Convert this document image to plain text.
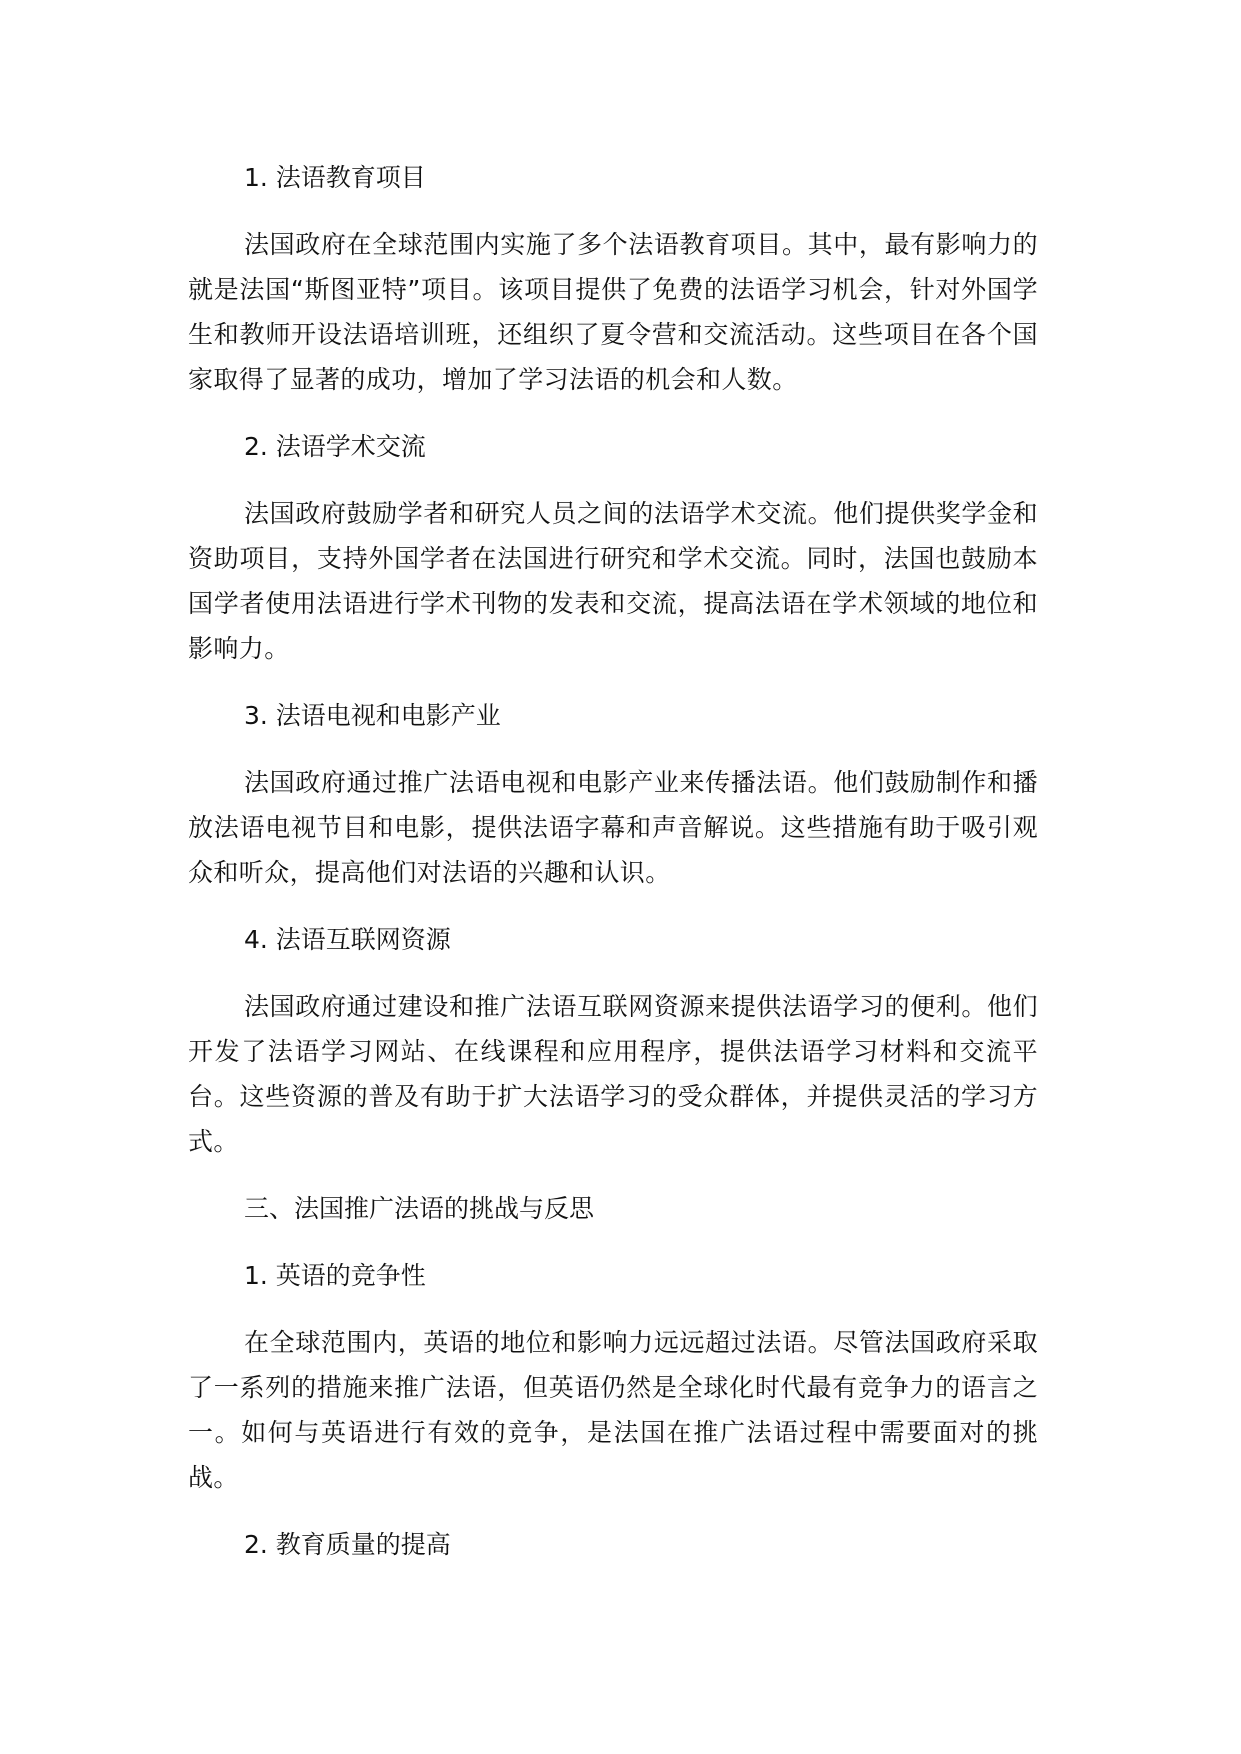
1. 法语教育项目

法国政府在全球范围内实施了多个法语教育项目。其中，最有影响力的就是法国“斯图亚特”项目。该项目提供了免费的法语学习机会，针对外国学生和教师开设法语培训班，还组织了夏令营和交流活动。这些项目在各个国家取得了显著的成功，增加了学习法语的机会和人数。

2. 法语学术交流

法国政府鼓励学者和研究人员之间的法语学术交流。他们提供奖学金和资助项目，支持外国学者在法国进行研究和学术交流。同时，法国也鼓励本国学者使用法语进行学术刊物的发表和交流，提高法语在学术领域的地位和影响力。

3. 法语电视和电影产业

法国政府通过推广法语电视和电影产业来传播法语。他们鼓励制作和播放法语电视节目和电影，提供法语字幕和声音解说。这些措施有助于吸引观众和听众，提高他们对法语的兴趣和认识。

4. 法语互联网资源

法国政府通过建设和推广法语互联网资源来提供法语学习的便利。他们开发了法语学习网站、在线课程和应用程序，提供法语学习材料和交流平台。这些资源的普及有助于扩大法语学习的受众群体，并提供灵活的学习方式。

三、法国推广法语的挑战与反思
1. 英语的竞争性

在全球范围内，英语的地位和影响力远远超过法语。尽管法国政府采取了一系列的措施来推广法语，但英语仍然是全球化时代最有竞争力的语言之一。如何与英语进行有效的竞争，是法国在推广法语过程中需要面对的挑战。

2. 教育质量的提高
